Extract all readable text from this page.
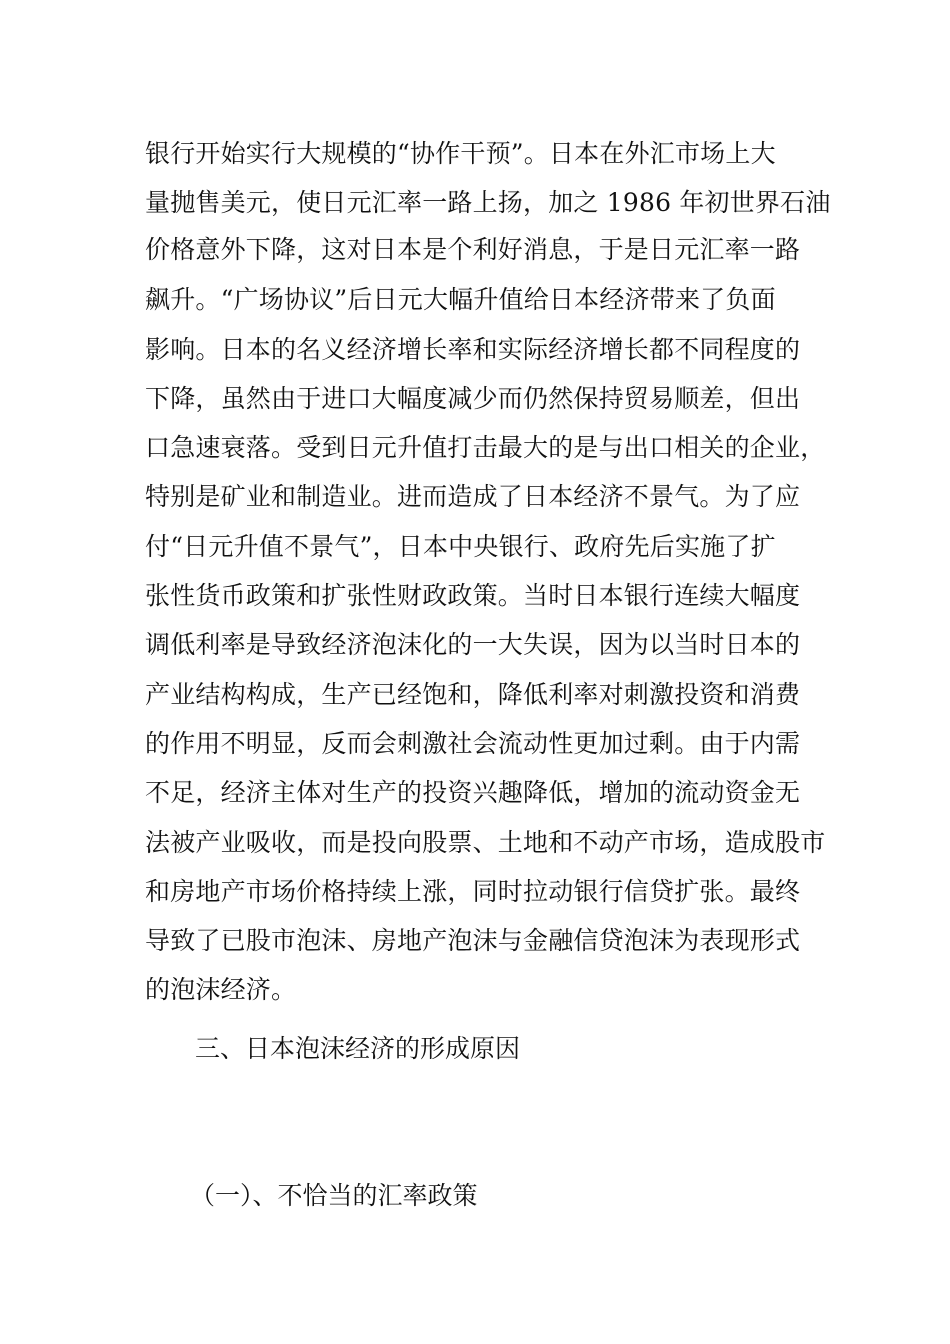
银行开始实行大规模的“协作干预”。日本在外汇市场上大
量抛售美元，使日元汇率一路上扬，加之 1986 年初世界石油
价格意外下降，这对日本是个利好消息，于是日元汇率一路
飙升。“广场协议”后日元大幅升值给日本经济带来了负面
影响。日本的名义经济增长率和实际经济增长都不同程度的
下降，虽然由于进口大幅度减少而仍然保持贸易顺差，但出
口急速衰落。受到日元升值打击最大的是与出口相关的企业，
特别是矿业和制造业。进而造成了日本经济不景气。为了应
付“日元升值不景气”，日本中央银行、政府先后实施了扩
张性货币政策和扩张性财政政策。当时日本银行连续大幅度
调低利率是导致经济泡沫化的一大失误，因为以当时日本的
产业结构构成，生产已经饱和，降低利率对刺激投资和消费
的作用不明显，反而会刺激社会流动性更加过剩。由于内需
不足，经济主体对生产的投资兴趣降低，增加的流动资金无
法被产业吸收，而是投向股票、土地和不动产市场，造成股市
和房地产市场价格持续上涨，同时拉动银行信贷扩张。最终
导致了已股市泡沫、房地产泡沫与金融信贷泡沫为表现形式
的泡沫经济。
三、日本泡沫经济的形成原因
（一）、不恰当的汇率政策
